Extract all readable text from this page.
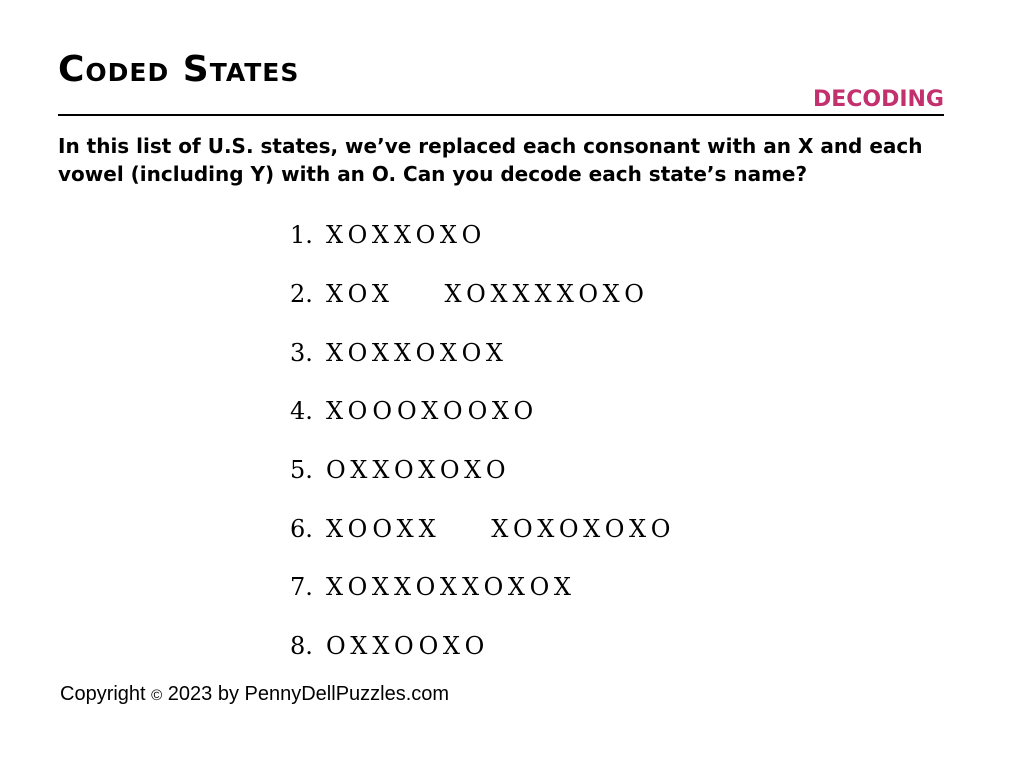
Coded States
DECODING

In this list of U.S. states, we’ve replaced each consonant with an X and each vowel (including Y) with an O. Can you decode each state’s name?

1. XOXXOXO
2. XOX    XOXXXXOXO
3. XOXXOXOX
4. XOOOXOOXO
5. OXXOXOXO
6. XOOXX    XOXOXOXO
7. XOXXOXXOXOX
8. OXXOOXO
Copyright © 2023 by PennyDellPuzzles.com
